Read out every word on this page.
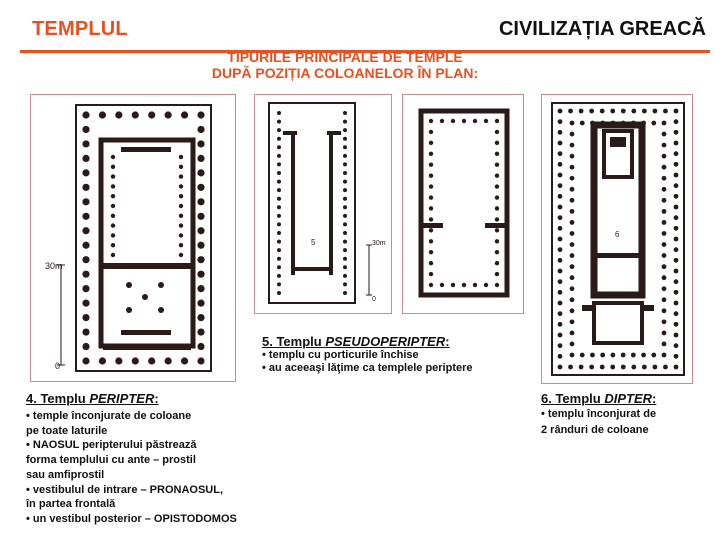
TEMPLUL	CIVILIZAȚIA GREACĂ
TIPURILE PRINCIPALE DE TEMPLE
DUPĂ POZIȚIA COLOANELOR ÎN PLAN:
30m
0
5	30m
0
6
5. Templu PSEUDOPERIPTER:
• templu cu porticurile închise
• au aceeaşi lăţime ca templele periptere
4. Templu PERIPTER:
• temple înconjurate de coloane
pe toate laturile
• NAOSUL peripterului păstrează
forma templului cu ante – prostil
sau amfiprostil
• vestibulul de intrare – PRONAOSUL,
în partea frontală
• un vestibul posterior – OPISTODOMOS
6. Templu DIPTER:
• templu înconjurat de
2 rânduri de coloane
